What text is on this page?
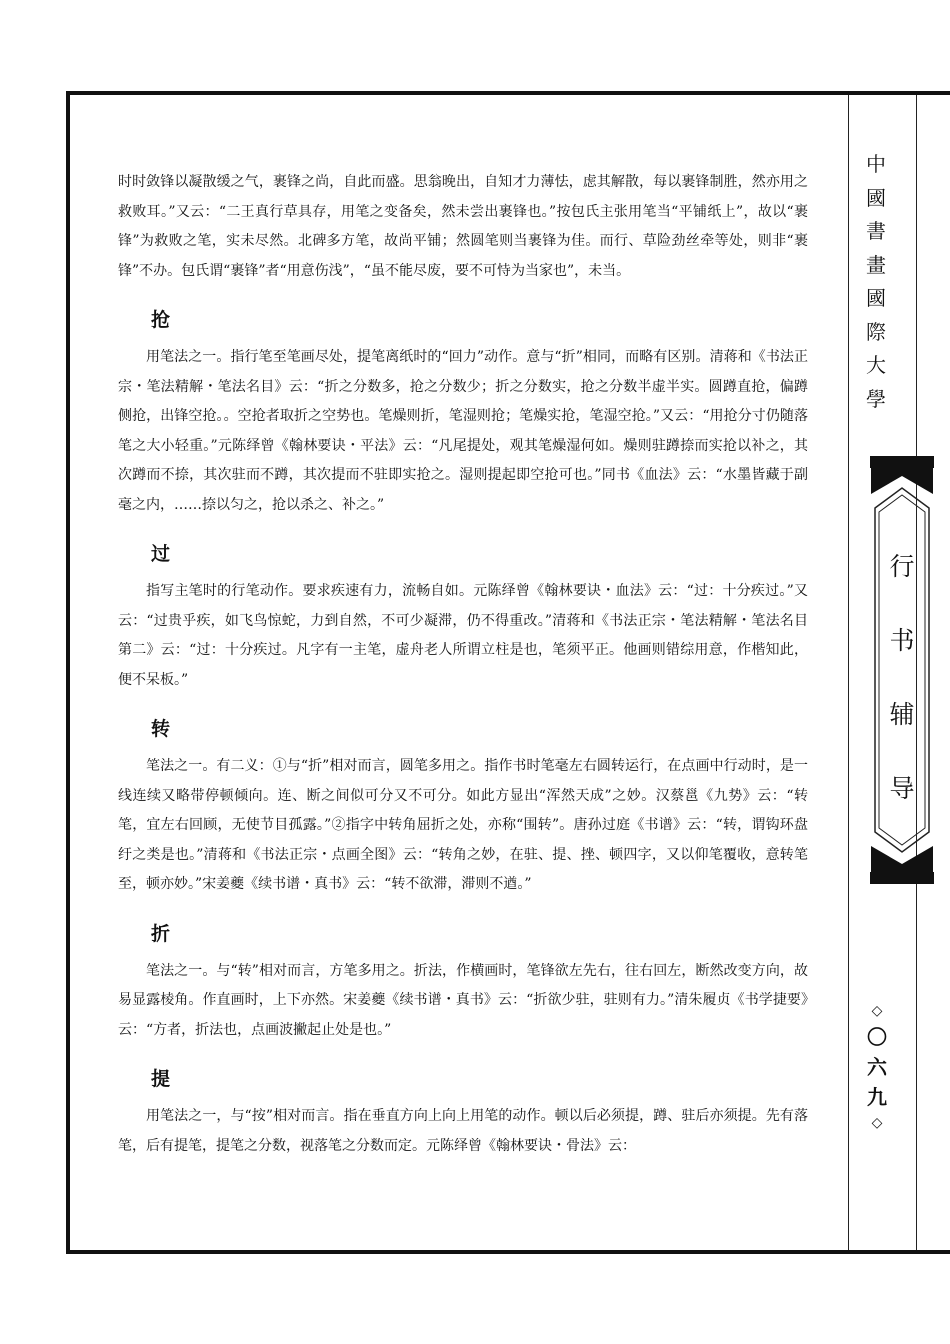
时时敛锋以凝散缓之气，裹锋之尚，自此而盛。思翁晚出，自知才力薄怯，虑其解散，每以裹锋制胜，然亦用之救败耳。”又云：“二王真行草具存，用笔之变备矣，然未尝出裹锋也。”按包氏主张用笔当“平铺纸上”，故以“裹锋”为救败之笔，实未尽然。北碑多方笔，故尚平铺；然圆笔则当裹锋为佳。而行、草险劲丝牵等处，则非“裹锋”不办。包氏谓“裹锋”者“用意伤浅”，“虽不能尽废，要不可恃为当家也”，未当。

抢

用笔法之一。指行笔至笔画尽处，提笔离纸时的“回力”动作。意与“折”相同，而略有区别。清蒋和《书法正宗・笔法精解・笔法名目》云：“折之分数多，抢之分数少；折之分数实，抢之分数半虚半实。圆蹲直抢，偏蹲侧抢，出锋空抢。。空抢者取折之空势也。笔燥则折，笔湿则抢；笔燥实抢，笔湿空抢。”又云：“用抢分寸仍随落笔之大小轻重。”元陈绎曾《翰林要诀・平法》云：“凡尾提处，观其笔燥湿何如。燥则驻蹲捺而实抢以补之，其次蹲而不捺，其次驻而不蹲，其次提而不驻即实抢之。湿则提起即空抢可也。”同书《血法》云：“水墨皆藏于副毫之内，……捺以匀之，抢以杀之、补之。”

过

指写主笔时的行笔动作。要求疾速有力，流畅自如。元陈绎曾《翰林要诀・血法》云：“过：十分疾过。”又云：“过贵乎疾，如飞鸟惊蛇，力到自然，不可少凝滞，仍不得重改。”清蒋和《书法正宗・笔法精解・笔法名目第二》云：“过：十分疾过。凡字有一主笔，虚舟老人所谓立柱是也，笔须平正。他画则错综用意，作楷知此，便不呆板。”

转

笔法之一。有二义：①与“折”相对而言，圆笔多用之。指作书时笔毫左右圆转运行，在点画中行动时，是一线连续又略带停顿倾向。连、断之间似可分又不可分。如此方显出“浑然天成”之妙。汉蔡邕《九势》云：“转笔，宜左右回顾，无使节目孤露。”②指字中转角屈折之处，亦称“围转”。唐孙过庭《书谱》云：“转，谓钩环盘纡之类是也。”清蒋和《书法正宗・点画全图》云：“转角之妙，在驻、提、挫、顿四字，又以仰笔覆收，意转笔至，顿亦妙。”宋姜夔《续书谱・真书》云：“转不欲滞，滞则不遒。”

折

笔法之一。与“转”相对而言，方笔多用之。折法，作横画时，笔锋欲左先右，往右回左，断然改变方向，故易显露棱角。作直画时，上下亦然。宋姜夔《续书谱・真书》云：“折欲少驻，驻则有力。”清朱履贞《书学捷要》云：“方者，折法也，点画波撇起止处是也。”

提

用笔法之一，与“按”相对而言。指在垂直方向上向上用笔的动作。顿以后必须提，蹲、驻后亦须提。先有落笔，后有提笔，提笔之分数，视落笔之分数而定。元陈绎曾《翰林要诀・骨法》云：

中
國
書
畫
國
際
大
學
行
书
辅
导
◇
〇
六
九
◇
